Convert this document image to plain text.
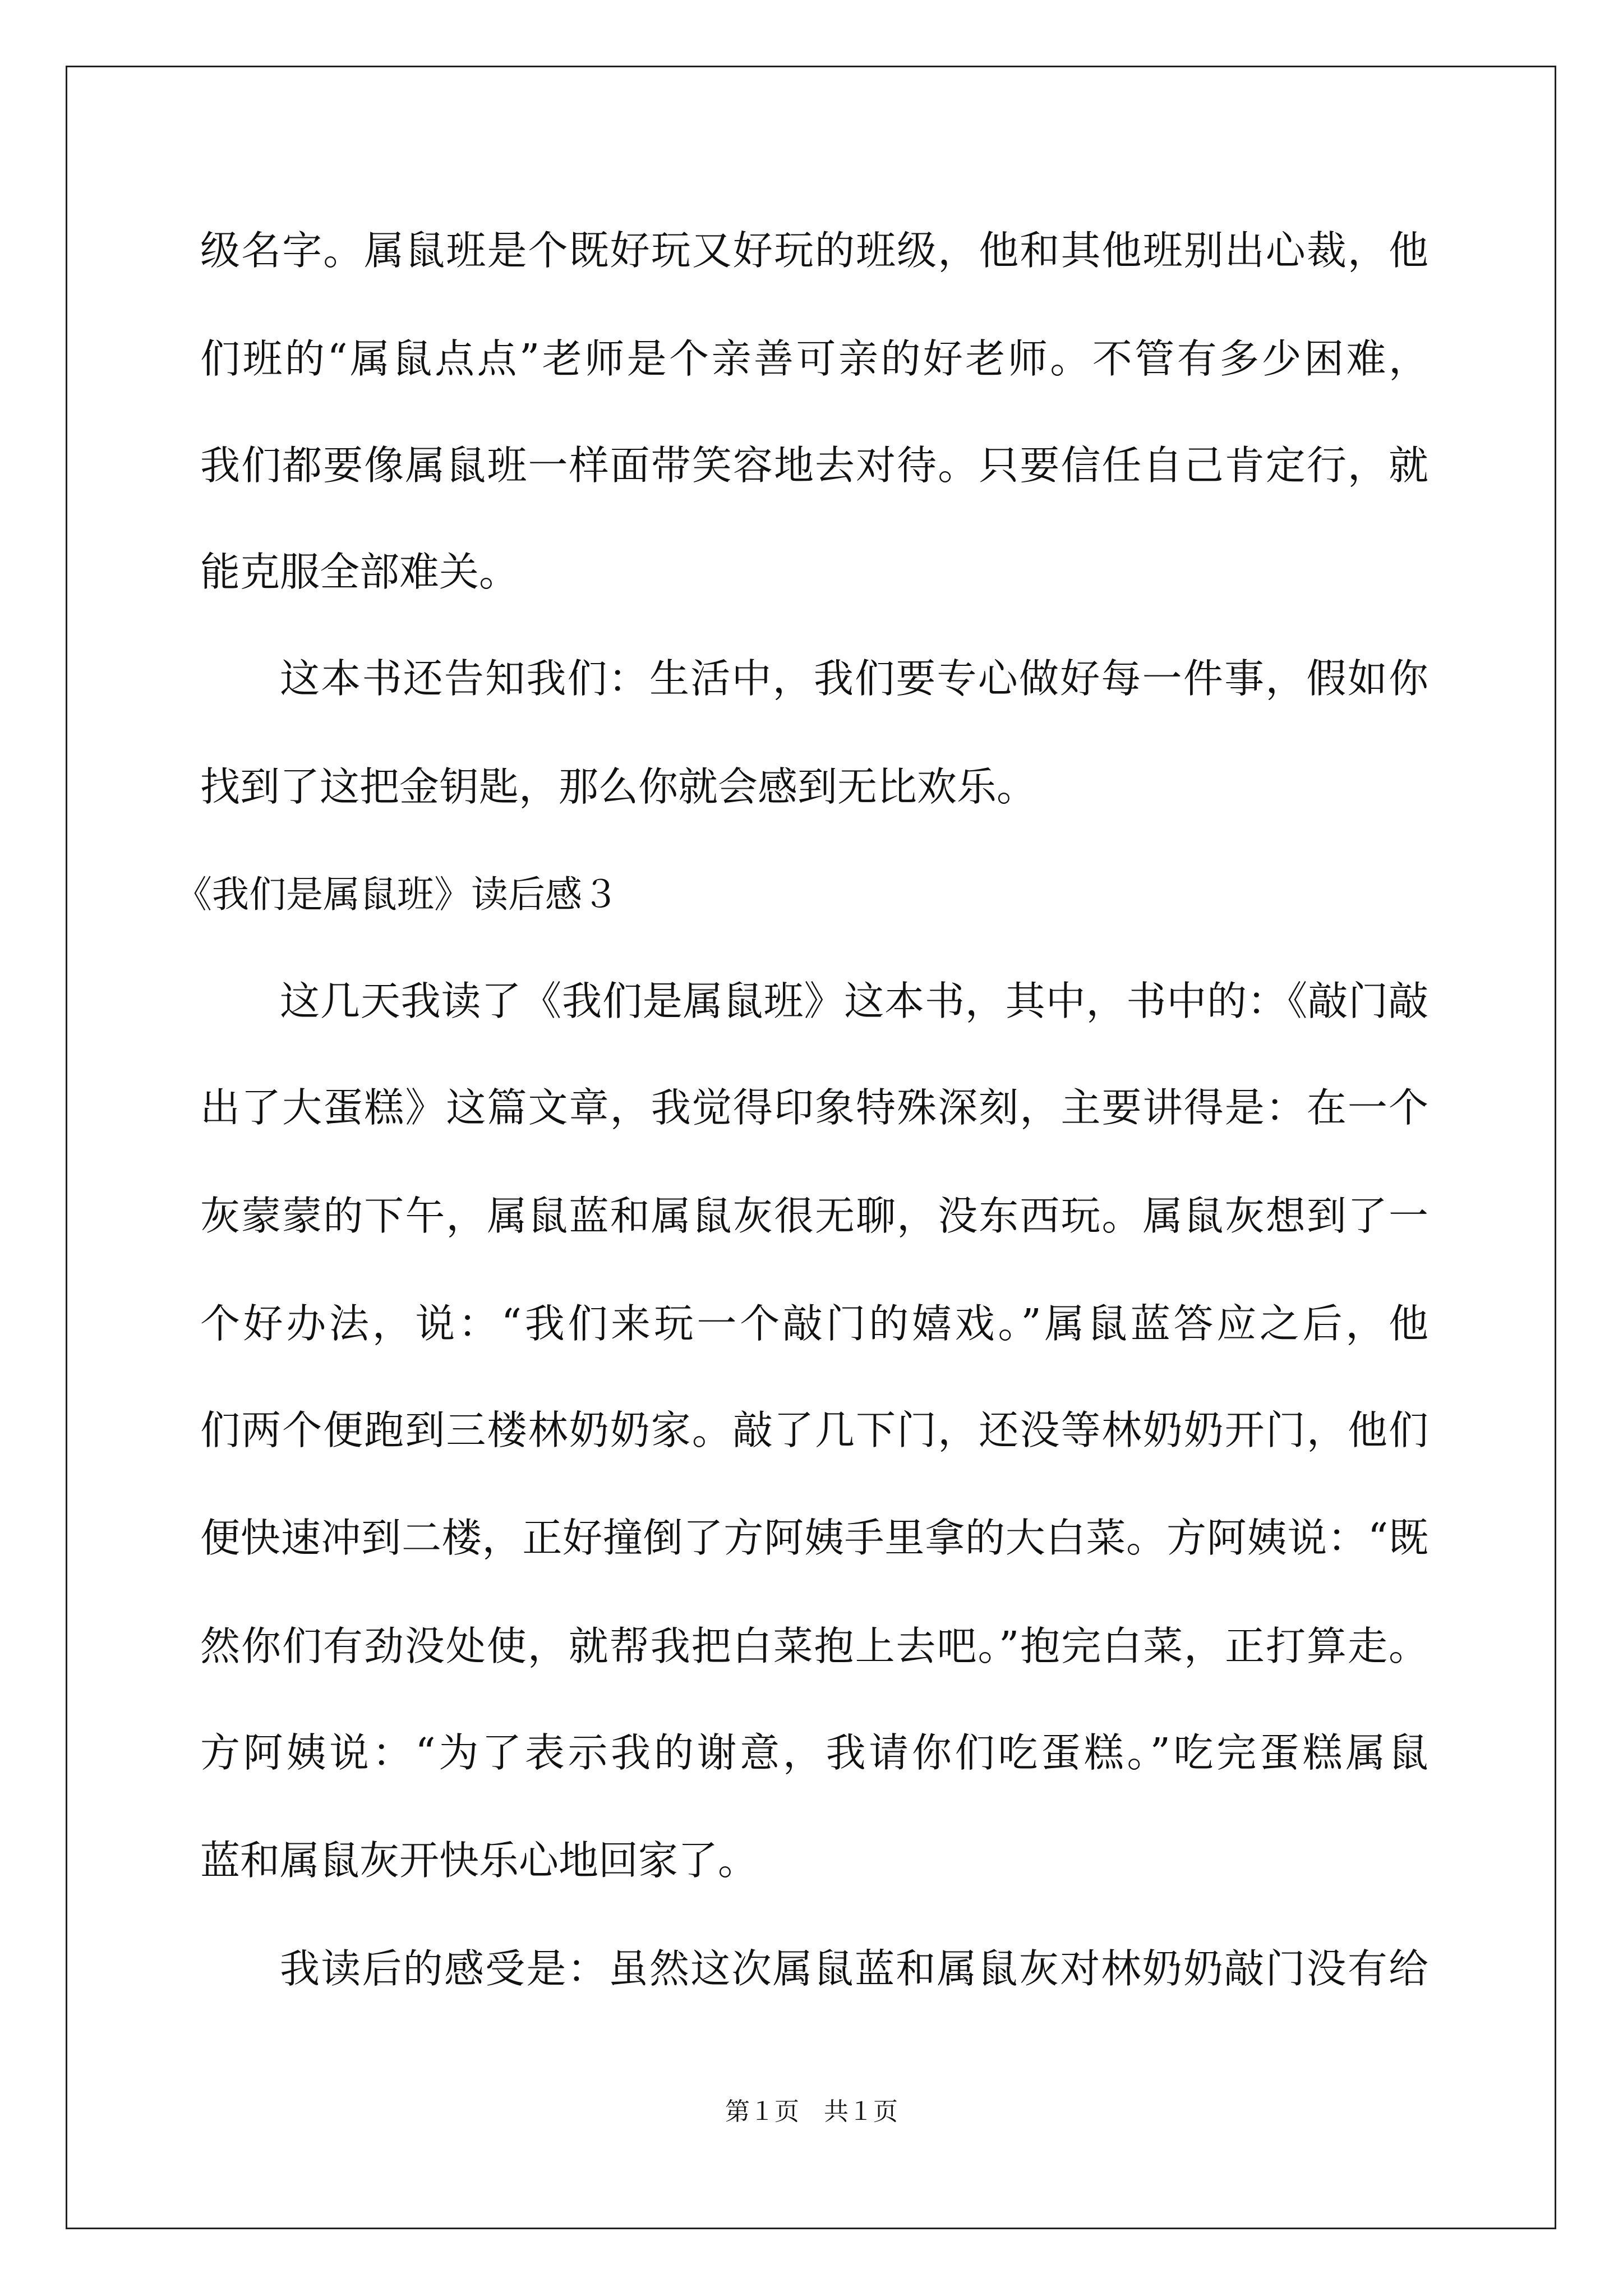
级名字。属鼠班是个既好玩又好玩的班级，他和其他班别出心裁，他
们班的“属鼠点点”老师是个亲善可亲的好老师。不管有多少困难，
我们都要像属鼠班一样面带笑容地去对待。只要信任自己肯定行，就
能克服全部难关。
这本书还告知我们：生活中，我们要专心做好每一件事，假如你
找到了这把金钥匙，那么你就会感到无比欢乐。
《我们是属鼠班》读后感３
这几天我读了《我们是属鼠班》这本书，其中，书中的：《敲门敲
出了大蛋糕》这篇文章，我觉得印象特殊深刻，主要讲得是：在一个
灰蒙蒙的下午，属鼠蓝和属鼠灰很无聊，没东西玩。属鼠灰想到了一
个好办法，说：“我们来玩一个敲门的嬉戏。”属鼠蓝答应之后，他
们两个便跑到三楼林奶奶家。敲了几下门，还没等林奶奶开门，他们
便快速冲到二楼，正好撞倒了方阿姨手里拿的大白菜。方阿姨说：“既
然你们有劲没处使，就帮我把白菜抱上去吧。”抱完白菜，正打算走。
方阿姨说：“为了表示我的谢意，我请你们吃蛋糕。”吃完蛋糕属鼠
蓝和属鼠灰开快乐心地回家了。
我读后的感受是：虽然这次属鼠蓝和属鼠灰对林奶奶敲门没有给
第１页　共１页
